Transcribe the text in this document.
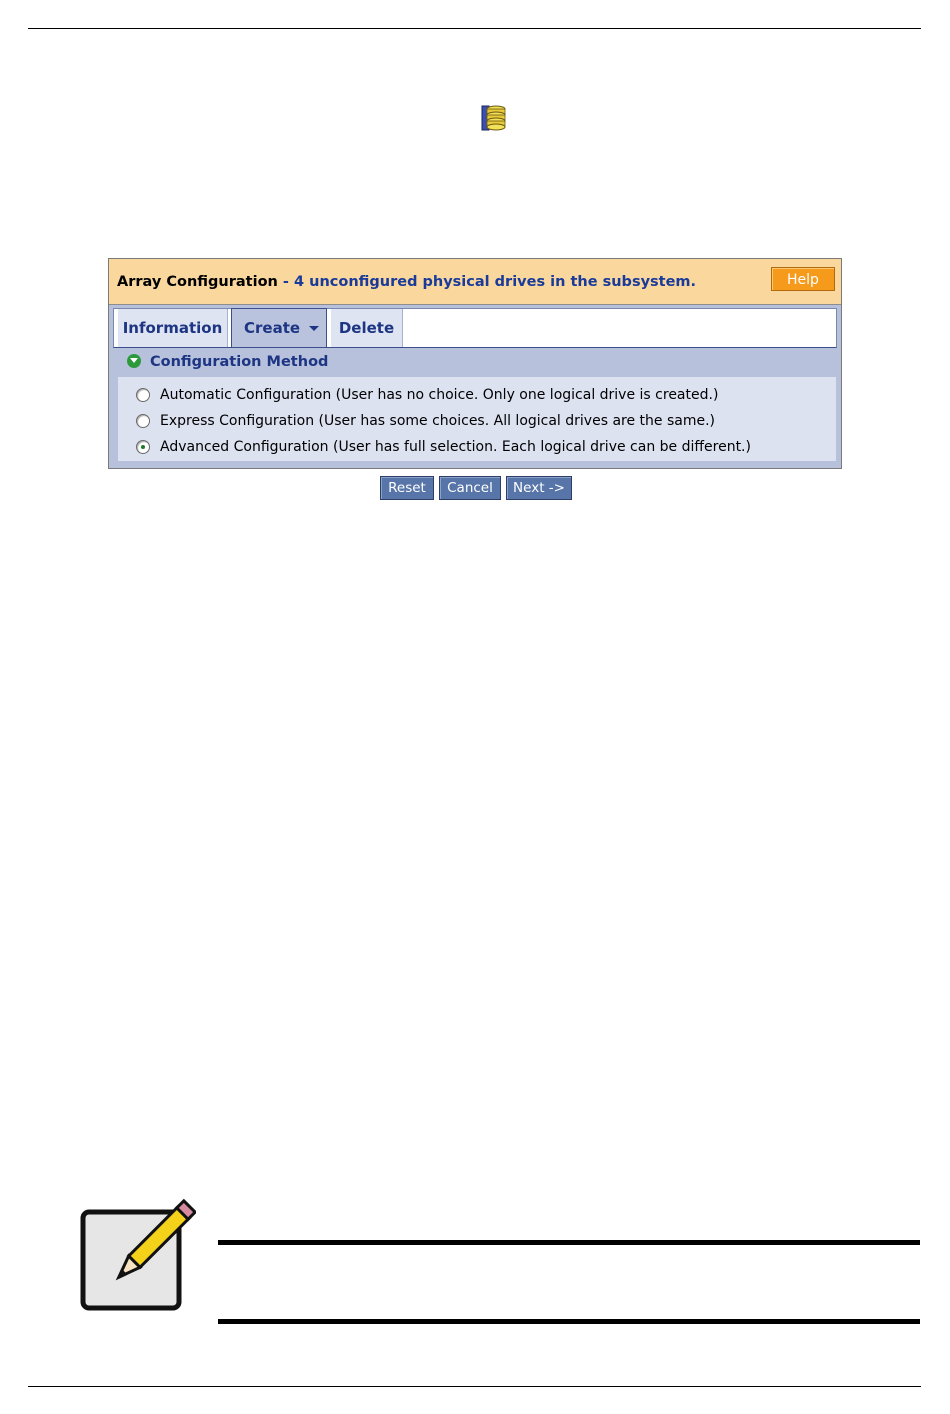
Array Configuration - 4 unconfigured physical drives in the subsystem.	Help
Information	Create	Delete
Configuration Method
Automatic Configuration (User has no choice. Only one logical drive is created.)
Express Configuration (User has some choices. All logical drives are the same.)
Advanced Configuration (User has full selection. Each logical drive can be different.)
Reset	Cancel	Next ->
